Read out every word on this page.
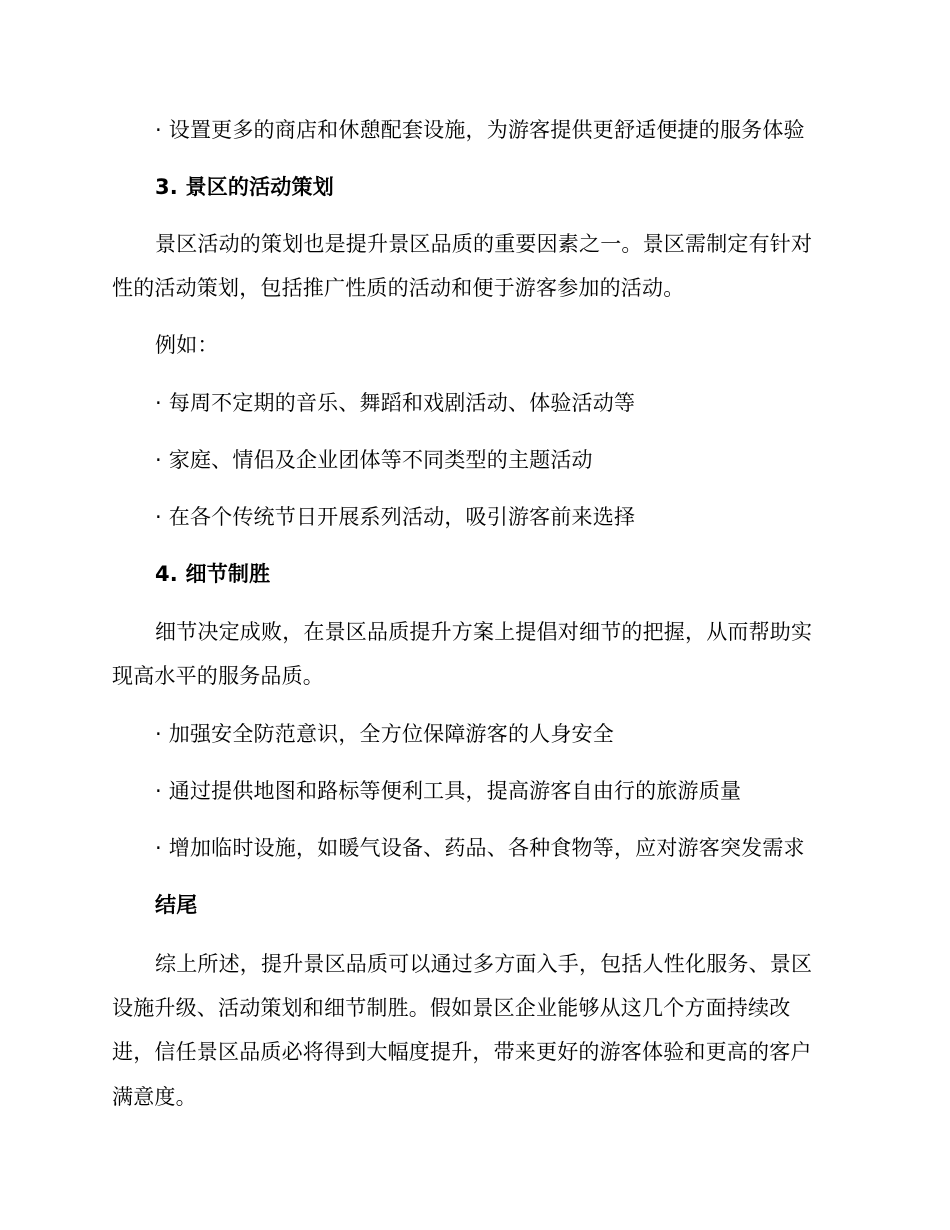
· 设置更多的商店和休憩配套设施，为游客提供更舒适便捷的服务体验
3. 景区的活动策划
景区活动的策划也是提升景区品质的重要因素之一。景区需制定有针对
性的活动策划，包括推广性质的活动和便于游客参加的活动。
例如：
· 每周不定期的音乐、舞蹈和戏剧活动、体验活动等
· 家庭、情侣及企业团体等不同类型的主题活动
· 在各个传统节日开展系列活动，吸引游客前来选择
4. 细节制胜
细节决定成败，在景区品质提升方案上提倡对细节的把握，从而帮助实
现高水平的服务品质。
· 加强安全防范意识，全方位保障游客的人身安全
· 通过提供地图和路标等便利工具，提高游客自由行的旅游质量
· 增加临时设施，如暖气设备、药品、各种食物等，应对游客突发需求
结尾
综上所述，提升景区品质可以通过多方面入手，包括人性化服务、景区
设施升级、活动策划和细节制胜。假如景区企业能够从这几个方面持续改
进，信任景区品质必将得到大幅度提升，带来更好的游客体验和更高的客户
满意度。
